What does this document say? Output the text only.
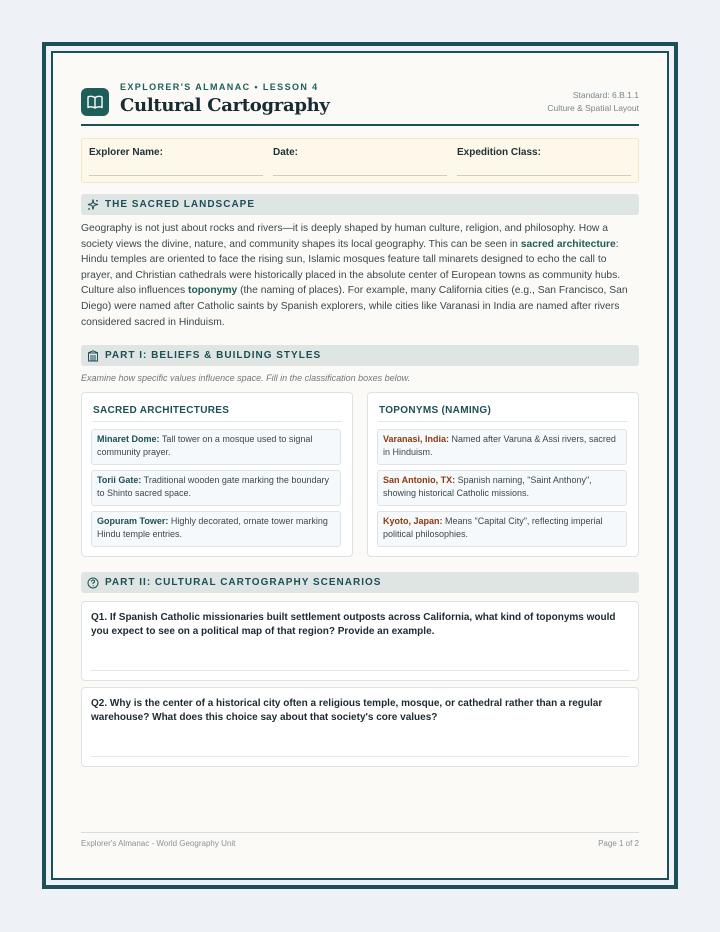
EXPLORER'S ALMANAC • LESSON 4
Cultural Cartography	Standard: 6.B.1.1
Culture & Spatial Layout
Explorer Name:	Date:	Expedition Class:
THE SACRED LANDSCAPE
Geography is not just about rocks and rivers—it is deeply shaped by human culture, religion, and philosophy. How a society views the divine, nature, and community shapes its local geography. This can be seen in sacred architecture: Hindu temples are oriented to face the rising sun, Islamic mosques feature tall minarets designed to echo the call to prayer, and Christian cathedrals were historically placed in the absolute center of European towns as community hubs. Culture also influences toponymy (the naming of places). For example, many California cities (e.g., San Francisco, San Diego) were named after Catholic saints by Spanish explorers, while cities like Varanasi in India are named after rivers considered sacred in Hinduism.
PART I: BELIEFS & BUILDING STYLES
Examine how specific values influence space. Fill in the classification boxes below.
SACRED ARCHITECTURES
Minaret Dome: Tall tower on a mosque used to signal community prayer.
Torii Gate: Traditional wooden gate marking the boundary to Shinto sacred space.
Gopuram Tower: Highly decorated, ornate tower marking Hindu temple entries.
TOPONYMS (NAMING)
Varanasi, India: Named after Varuna & Assi rivers, sacred in Hinduism.
San Antonio, TX: Spanish naming, "Saint Anthony", showing historical Catholic missions.
Kyoto, Japan: Means "Capital City", reflecting imperial political philosophies.
PART II: CULTURAL CARTOGRAPHY SCENARIOS
Q1. If Spanish Catholic missionaries built settlement outposts across California, what kind of toponyms would you expect to see on a political map of that region? Provide an example.
Q2. Why is the center of a historical city often a religious temple, mosque, or cathedral rather than a regular warehouse? What does this choice say about that society's core values?
Explorer's Almanac - World Geography Unit	Page 1 of 2
